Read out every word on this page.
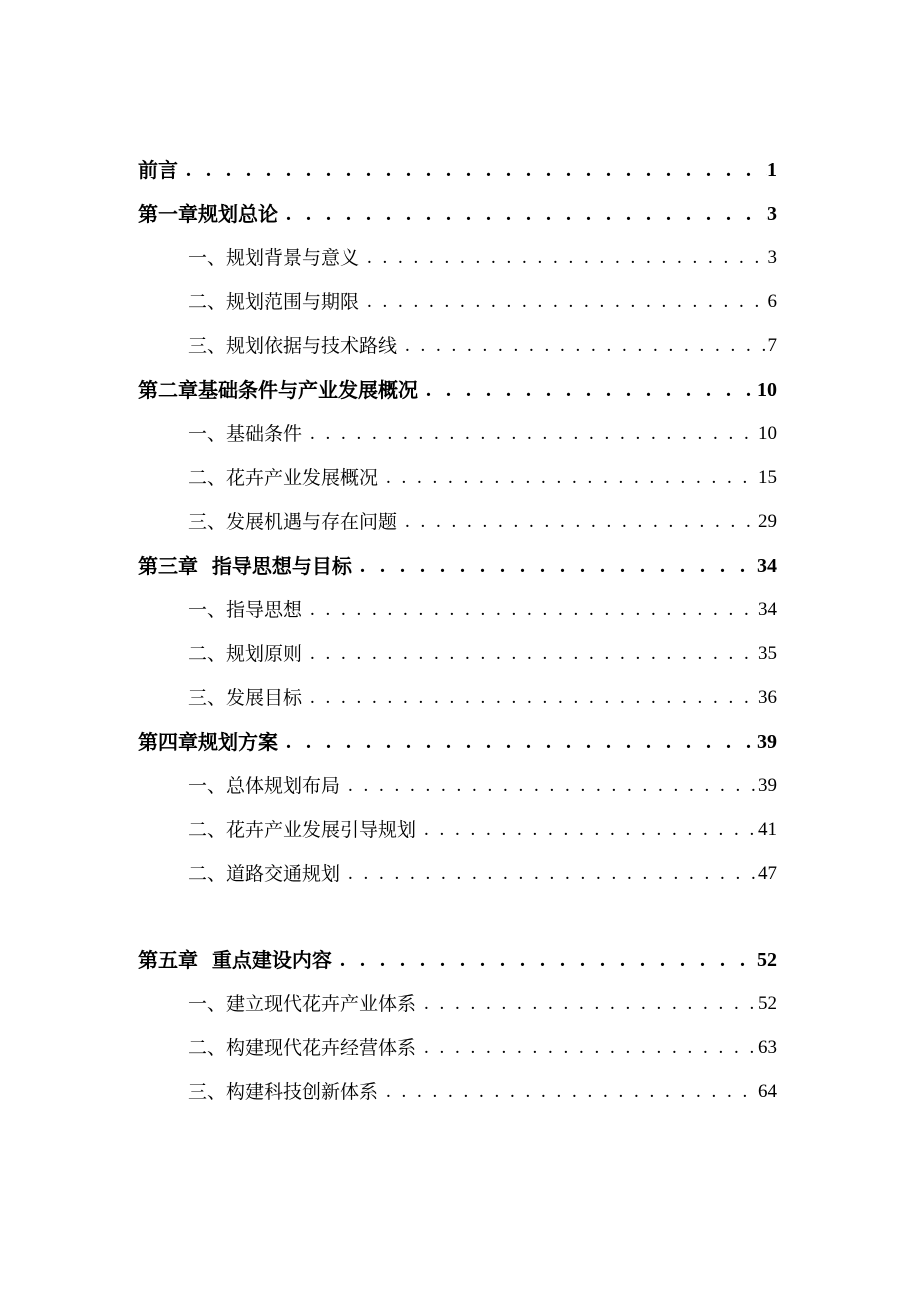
前言 . . .	1
第一章规划总论 . . .	3
一、规划背景与意义 . . .	3
二、规划范围与期限 . . .	6
三、规划依据与技术路线 . . .	7
第二章基础条件与产业发展概况 . . .	10
一、基础条件 . . .	10
二、花卉产业发展概况 . . .	15
三、发展机遇与存在问题 . . .	29
第三章  指导思想与目标 . . .	34
一、指导思想 . . .	34
二、规划原则 . . .	35
三、发展目标 . . .	36
第四章规划方案 . . .	39
一、总体规划布局 . . .	39
二、花卉产业发展引导规划 . . .	41
二、道路交通规划 . . .	47
第五章  重点建设内容 . . .	52
一、建立现代花卉产业体系 . . .	52
二、构建现代花卉经营体系 . . .	63
三、构建科技创新体系 . . .	64
